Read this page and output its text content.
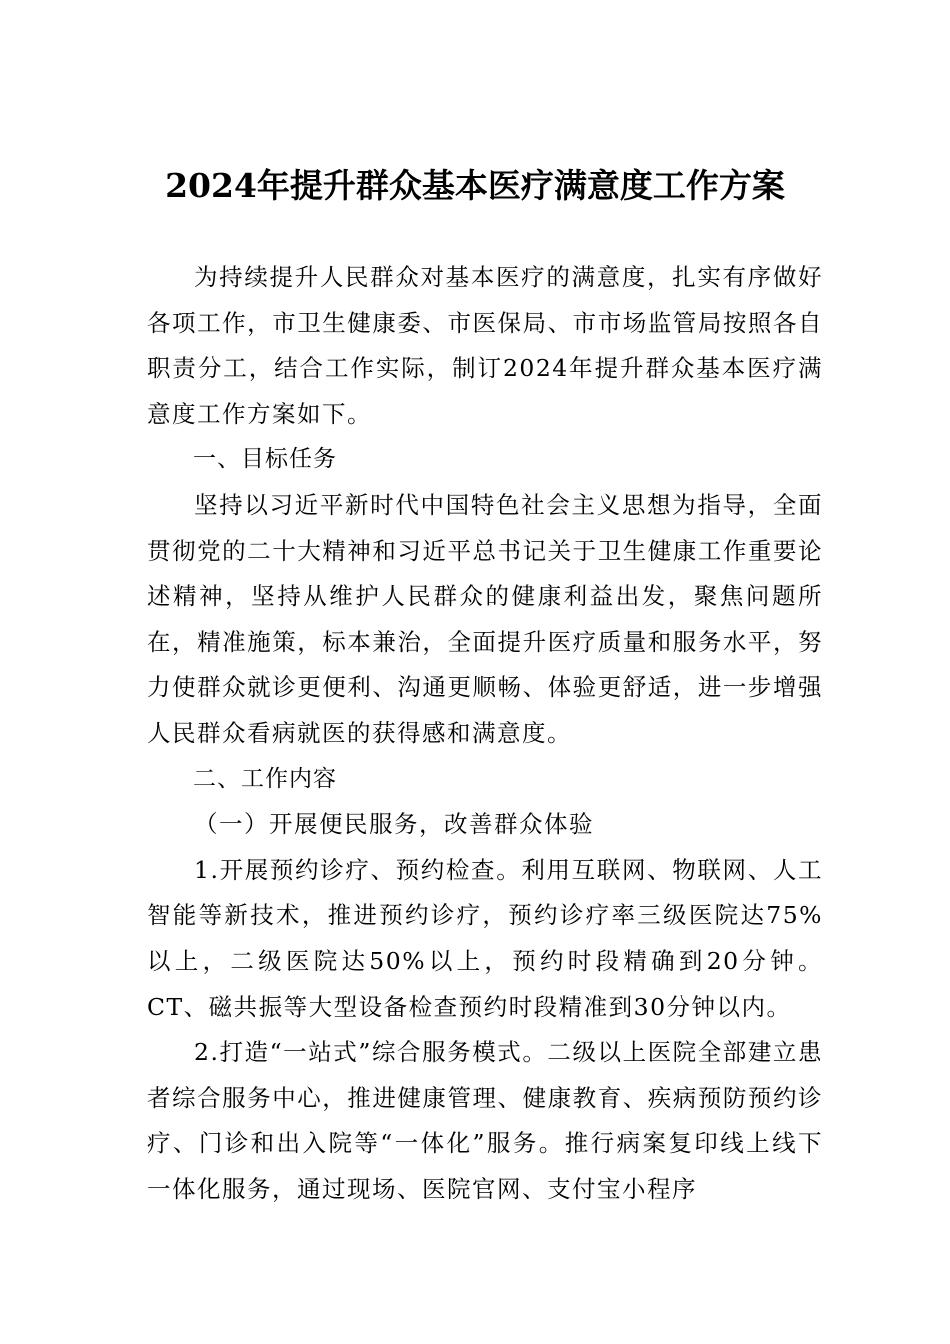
2024年提升群众基本医疗满意度工作方案

为持续提升人民群众对基本医疗的满意度，扎实有序做好各项工作，市卫生健康委、市医保局、市市场监管局按照各自职责分工，结合工作实际，制订2024年提升群众基本医疗满意度工作方案如下。

一、目标任务

坚持以习近平新时代中国特色社会主义思想为指导，全面贯彻党的二十大精神和习近平总书记关于卫生健康工作重要论述精神，坚持从维护人民群众的健康利益出发，聚焦问题所在，精准施策，标本兼治，全面提升医疗质量和服务水平，努力使群众就诊更便利、沟通更顺畅、体验更舒适，进一步增强人民群众看病就医的获得感和满意度。

二、工作内容

（一）开展便民服务，改善群众体验

1.开展预约诊疗、预约检查。利用互联网、物联网、人工智能等新技术，推进预约诊疗，预约诊疗率三级医院达75%以上，二级医院达50%以上，预约时段精确到20分钟。CT、磁共振等大型设备检查预约时段精准到30分钟以内。

2.打造“一站式”综合服务模式。二级以上医院全部建立患者综合服务中心，推进健康管理、健康教育、疾病预防预约诊疗、门诊和出入院等“一体化”服务。推行病案复印线上线下一体化服务，通过现场、医院官网、支付宝小程序
